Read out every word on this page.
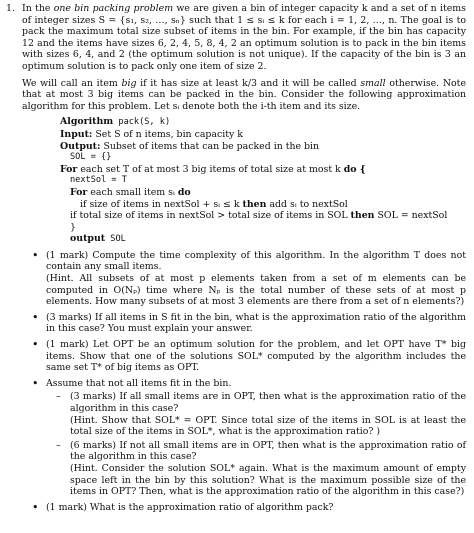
1. In the one bin packing problem we are given a bin of integer capacity k and a set of n items of integer sizes S = {s₁, s₂, …, sₙ} such that 1 ≤ sᵢ ≤ k for each i = 1, 2, …, n. The goal is to pack the maximum total size subset of items in the bin. For example, if the bin has capacity 12 and the items have sizes 6, 2, 4, 5, 8, 4, 2 an optimum solution is to pack in the bin items with sizes 6, 4, and 2 (the optimum solution is not unique). If the capacity of the bin is 3 an optimum solution is to pack only one item of size 2.

We will call an item big if it has size at least k/3 and it will be called small otherwise. Note that at most 3 big items can be packed in the bin. Consider the following approximation algorithm for this problem. Let sᵢ denote both the i-th item and its size.

Algorithm pack(S, k)
Input: Set S of n items, bin capacity k
Output: Subset of items that can be packed in the bin
SOL = {}
For each set T of at most 3 big items of total size at most k do {
nextSol = T
For each small item sᵢ do
if size of items in nextSol + sᵢ ≤ k then add sᵢ to nextSol
if total size of items in nextSol > total size of items in SOL then SOL = nextSol
}
output SOL

• (1 mark) Compute the time complexity of this algorithm. In the algorithm T does not contain any small items.

(Hint. All subsets of at most p elements taken from a set of m elements can be computed in O(Nₚ) time where Nₚ is the total number of these sets of at most p elements. How many subsets of at most 3 elements are there from a set of n elements?)

• (3 marks) If all items in S fit in the bin, what is the approximation ratio of the algorithm in this case? You must explain your answer.

• (1 mark) Let OPT be an optimum solution for the problem, and let OPT have T* big items. Show that one of the solutions SOL* computed by the algorithm includes the same set T* of big items as OPT.

• Assume that not all items fit in the bin.

– (3 marks) If all small items are in OPT, then what is the approximation ratio of the algorithm in this case?

(Hint. Show that SOL* = OPT. Since total size of the items in SOL is at least the total size of the items in SOL*, what is the approximation ratio? )

– (6 marks) If not all small items are in OPT, then what is the approximation ratio of the algorithm in this case?

(Hint. Consider the solution SOL* again. What is the maximum amount of empty space left in the bin by this solution? What is the maximum possible size of the items in OPT? Then, what is the approximation ratio of the algorithm in this case?)

• (1 mark) What is the approximation ratio of algorithm pack?
